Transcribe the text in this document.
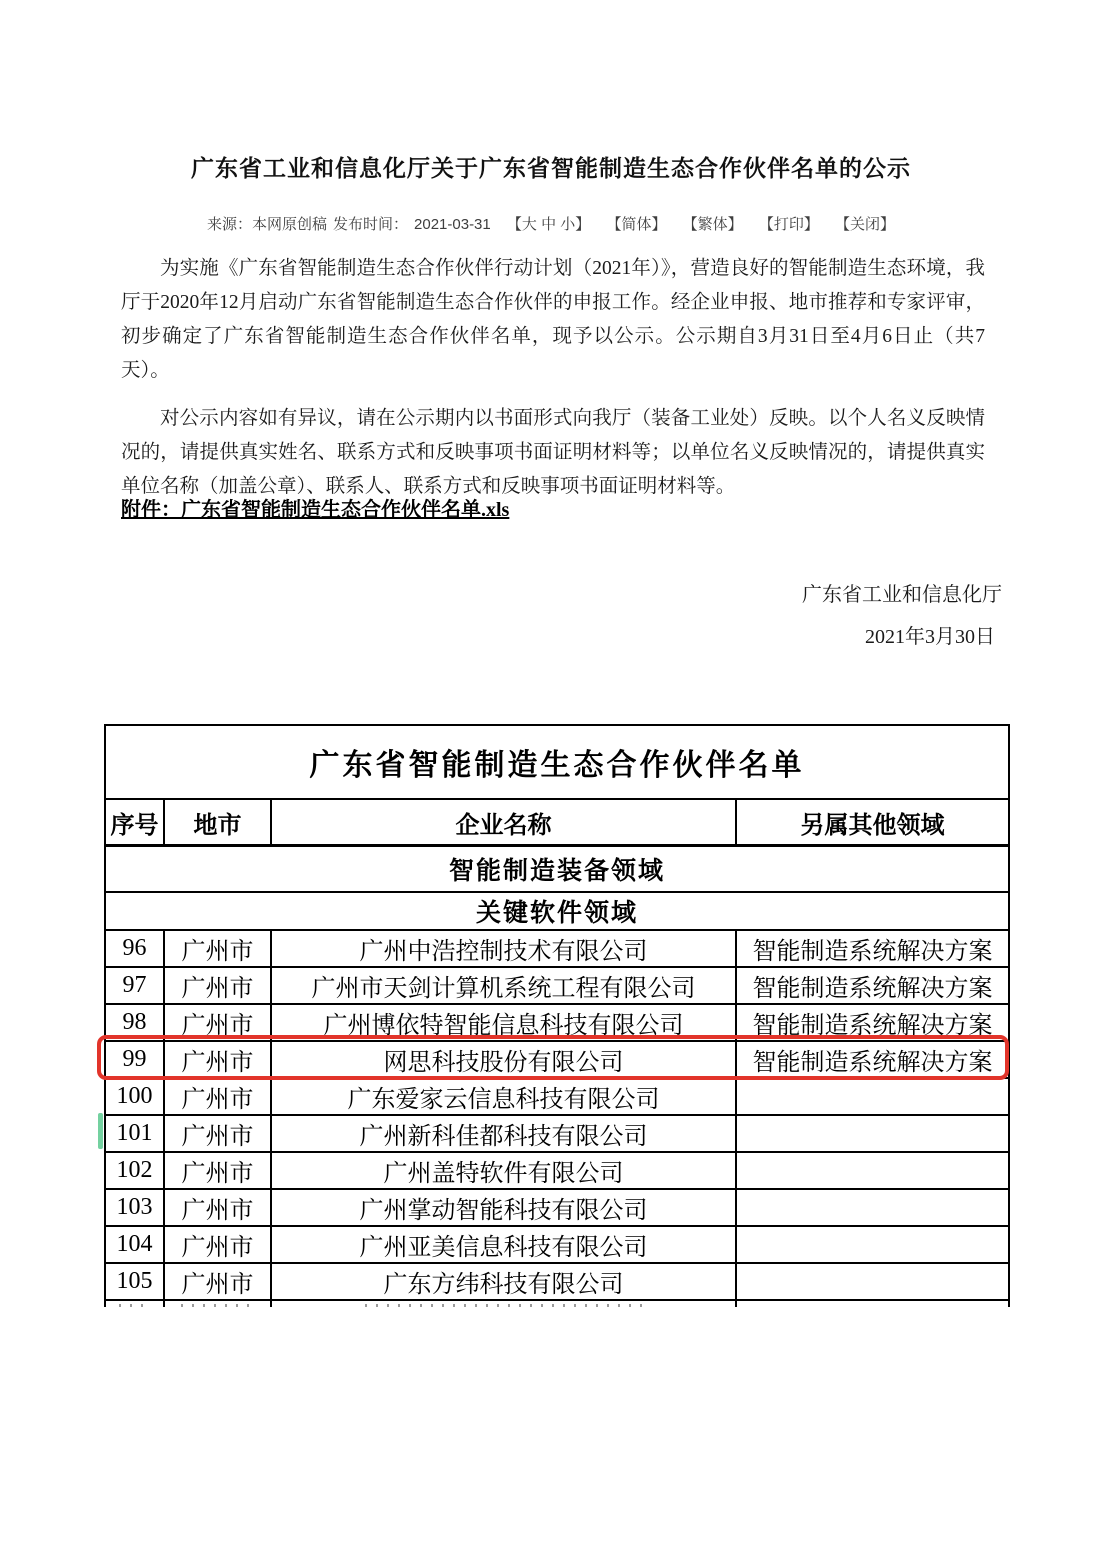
广东省工业和信息化厅关于广东省智能制造生态合作伙伴名单的公示
来源：本网原创稿 发布时间： 2021-03-31 【大 中 小】 【简体】 【繁体】 【打印】 【关闭】

为实施《广东省智能制造生态合作伙伴行动计划（2021年）》，营造良好的智能制造生态环境，我厅于2020年12月启动广东省智能制造生态合作伙伴的申报工作。经企业申报、地市推荐和专家评审，初步确定了广东省智能制造生态合作伙伴名单，现予以公示。公示期自3月31日至4月6日止（共7天）。

对公示内容如有异议，请在公示期内以书面形式向我厅（装备工业处）反映。以个人名义反映情况的，请提供真实姓名、联系方式和反映事项书面证明材料等；以单位名义反映情况的，请提供真实单位名称（加盖公章）、联系人、联系方式和反映事项书面证明材料等。

附件：广东省智能制造生态合作伙伴名单.xls
广东省工业和信息化厅
2021年3月30日
广东省智能制造生态合作伙伴名单			
序号	地市	企业名称	另属其他领域
智能制造装备领域			
关键软件领域			
96	广州市	广州中浩控制技术有限公司	智能制造系统解决方案
97	广州市	广州市天剑计算机系统工程有限公司	智能制造系统解决方案
98	广州市	广州博依特智能信息科技有限公司	智能制造系统解决方案

99	广州市	网思科技股份有限公司	智能制造系统解决方案
100	广州市	广东爱家云信息科技有限公司	

101	广州市	广州新科佳都科技有限公司	
102	广州市	广州盖特软件有限公司	
103	广州市	广州掌动智能科技有限公司	
104	广州市	广州亚美信息科技有限公司	
105	广州市	广东方纬科技有限公司	
